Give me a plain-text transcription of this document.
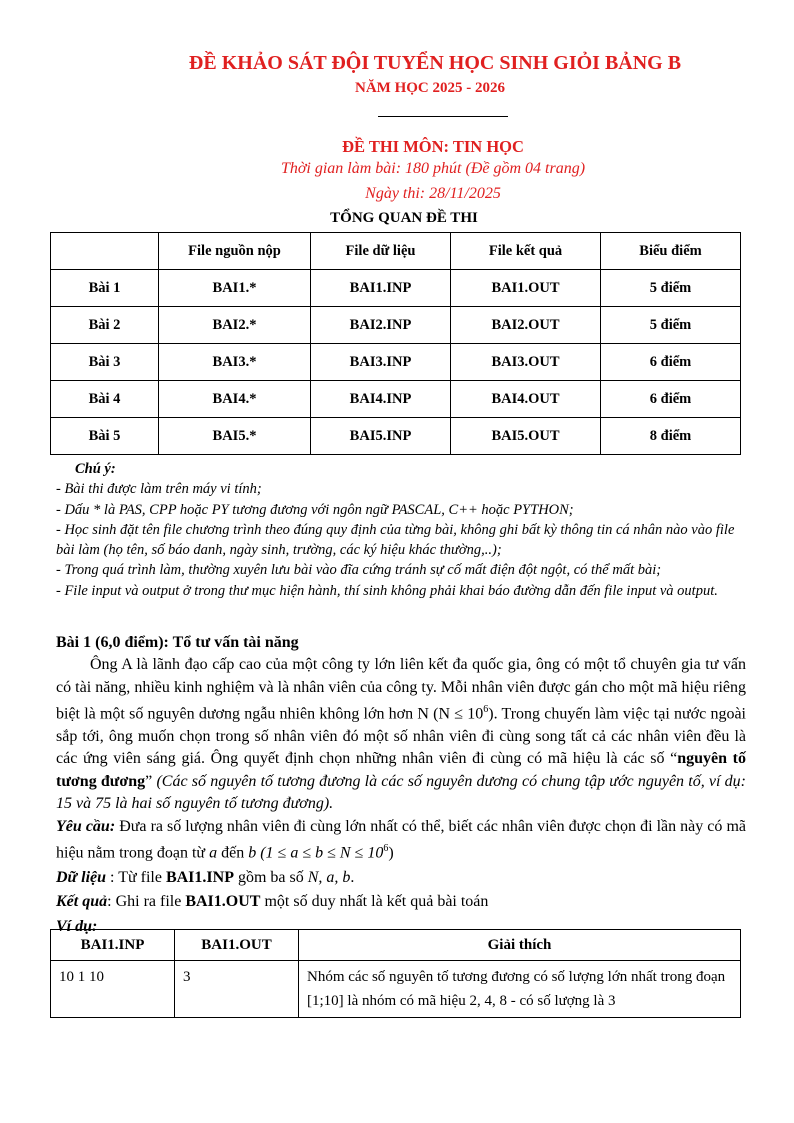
ĐỀ KHẢO SÁT ĐỘI TUYỂN HỌC SINH GIỎI BẢNG B
NĂM HỌC 2025 - 2026
ĐỀ THI MÔN: TIN HỌC
Thời gian làm bài: 180 phút (Đề gồm 04 trang)
Ngày thi: 28/11/2025
TỔNG QUAN ĐỀ THI
	File nguồn nộp	File dữ liệu	File kết quả	Biểu điểm
Bài 1	BAI1.*	BAI1.INP	BAI1.OUT	5 điểm
Bài 2	BAI2.*	BAI2.INP	BAI2.OUT	5 điểm
Bài 3	BAI3.*	BAI3.INP	BAI3.OUT	6 điểm
Bài 4	BAI4.*	BAI4.INP	BAI4.OUT	6 điểm
Bài 5	BAI5.*	BAI5.INP	BAI5.OUT	8 điểm
Chú ý:
- Bài thi được làm trên máy vi tính;
- Dấu * là PAS, CPP hoặc PY tương đương với ngôn ngữ PASCAL, C++ hoặc PYTHON;
- Học sinh đặt tên file chương trình theo đúng quy định của từng bài, không ghi bất kỳ thông tin cá nhân nào vào file bài làm (họ tên, số báo danh, ngày sinh, trường, các ký hiệu khác thường,..);
- Trong quá trình làm, thường xuyên lưu bài vào đĩa cứng tránh sự cố mất điện đột ngột, có thể mất bài;
- File input và output ở trong thư mục hiện hành, thí sinh không phải khai báo đường dẫn đến file input và output.

Bài 1 (6,0 điểm): Tổ tư vấn tài năng

Ông A là lãnh đạo cấp cao của một công ty lớn liên kết đa quốc gia, ông có một tổ chuyên gia tư vấn có tài năng, nhiều kinh nghiệm và là nhân viên của công ty. Mỗi nhân viên được gán cho một mã hiệu riêng biệt là một số nguyên dương ngẫu nhiên không lớn hơn N $(N \le 10^6)$. Trong chuyến làm việc tại nước ngoài sắp tới, ông muốn chọn trong số nhân viên đó một số nhân viên đi cùng song tất cả các nhân viên đều là các ứng viên sáng giá. Ông quyết định chọn những nhân viên đi cùng có mã hiệu là các số “nguyên tố tương đương” (Các số nguyên tố tương đương là các số nguyên dương có chung tập ước nguyên tố, ví dụ: 15 và 75 là hai số nguyên tố tương đương).

Yêu cầu: Đưa ra số lượng nhân viên đi cùng lớn nhất có thể, biết các nhân viên được chọn đi lần này có mã hiệu nằm trong đoạn từ a đến b $(1 \le a \le b \le N \le 10^6)$

Dữ liệu : Từ file BAI1.INP gồm ba số N, a, b.

Kết quả: Ghi ra file BAI1.OUT một số duy nhất là kết quả bài toán

Ví dụ:

BAI1.INP	BAI1.OUT	Giải thích
10 1 10	3	Nhóm các số nguyên tố tương đương có số lượng lớn nhất trong đoạn [1;10] là nhóm có mã hiệu 2, 4, 8 - có số lượng là 3
